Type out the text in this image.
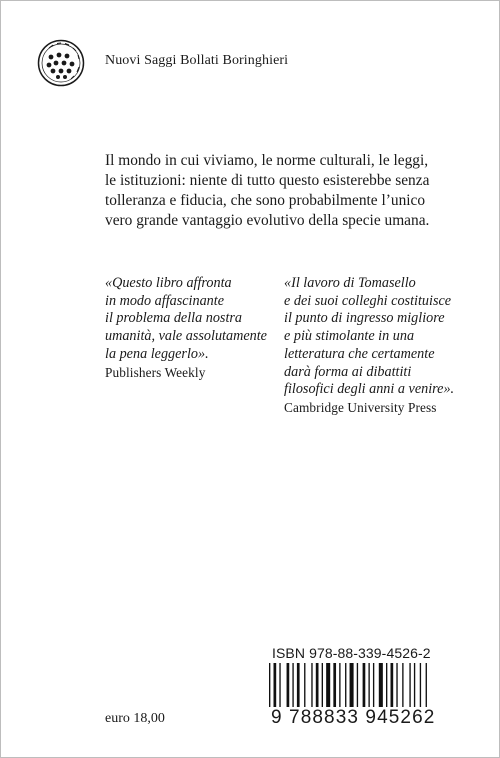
Nuovi Saggi Bollati Boringhieri

Il mondo in cui viviamo, le norme culturali, le leggi,

le istituzioni: niente di tutto questo esisterebbe senza

tolleranza e fiducia, che sono probabilmente l’unico

vero grande vantaggio evolutivo della specie umana.

«Questo libro affronta

in modo affascinante

il problema della nostra

umanità, vale assolutamente

la pena leggerlo».

Publishers Weekly

«Il lavoro di Tomasello

e dei suoi colleghi costituisce

il punto di ingresso migliore

e più stimolante in una

letteratura che certamente

darà forma ai dibattiti

filosofici degli anni a venire».

Cambridge University Press

ISBN 978-88-339-4526-2
9 788833 945262
euro 18,00
